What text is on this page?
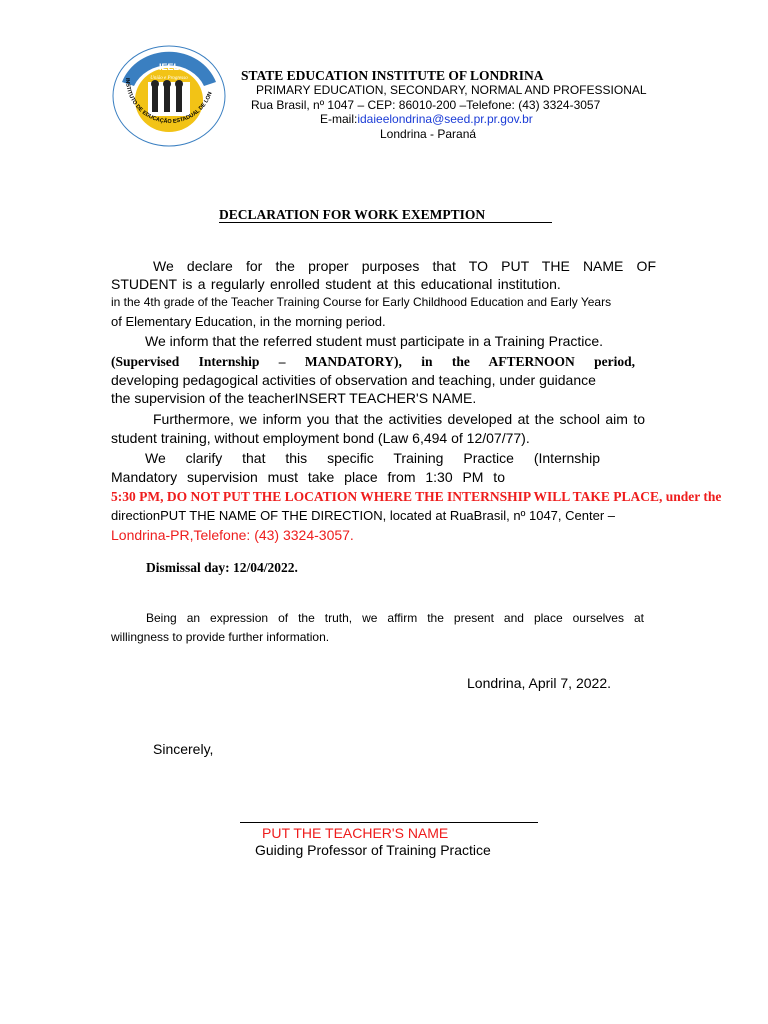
IEEL
União e Progresso
INSTITUTO DE EDUCAÇÃO ESTADUAL DE LON
STATE EDUCATION INSTITUTE OF LONDRINA
PRIMARY EDUCATION, SECONDARY, NORMAL AND PROFESSIONAL
Rua Brasil, nº 1047 – CEP: 86010-200 –Telefone: (43) 3324-3057
E-mail:idaieelondrina@seed.pr.pr.gov.br
Londrina - Paraná
DECLARATION FOR WORK EXEMPTION
We declare for the proper purposes that TO PUT THE NAME OF
STUDENT is a regularly enrolled student at this educational institution.
in the 4th grade of the Teacher Training Course for Early Childhood Education and Early Years
of Elementary Education, in the morning period.
We inform that the referred student must participate in a Training Practice.
(Supervised Internship – MANDATORY), in the AFTERNOON period,
developing pedagogical activities of observation and teaching, under guidance
the supervision of the teacherINSERT TEACHER'S NAME.
Furthermore, we inform you that the activities developed at the school aim to
student training, without employment bond (Law 6,494 of 12/07/77).
We clarify that this specific Training Practice (Internship
Mandatory supervision must take place from 1:30 PM to
5:30 PM, DO NOT PUT THE LOCATION WHERE THE INTERNSHIP WILL TAKE PLACE, under the
directionPUT THE NAME OF THE DIRECTION, located at RuaBrasil, nº 1047, Center –
Londrina-PR,Telefone: (43) 3324-3057.
Dismissal day: 12/04/2022.
Being an expression of the truth, we affirm the present and place ourselves at
willingness to provide further information.
Londrina, April 7, 2022.
Sincerely,
PUT THE TEACHER'S NAME
Guiding Professor of Training Practice
